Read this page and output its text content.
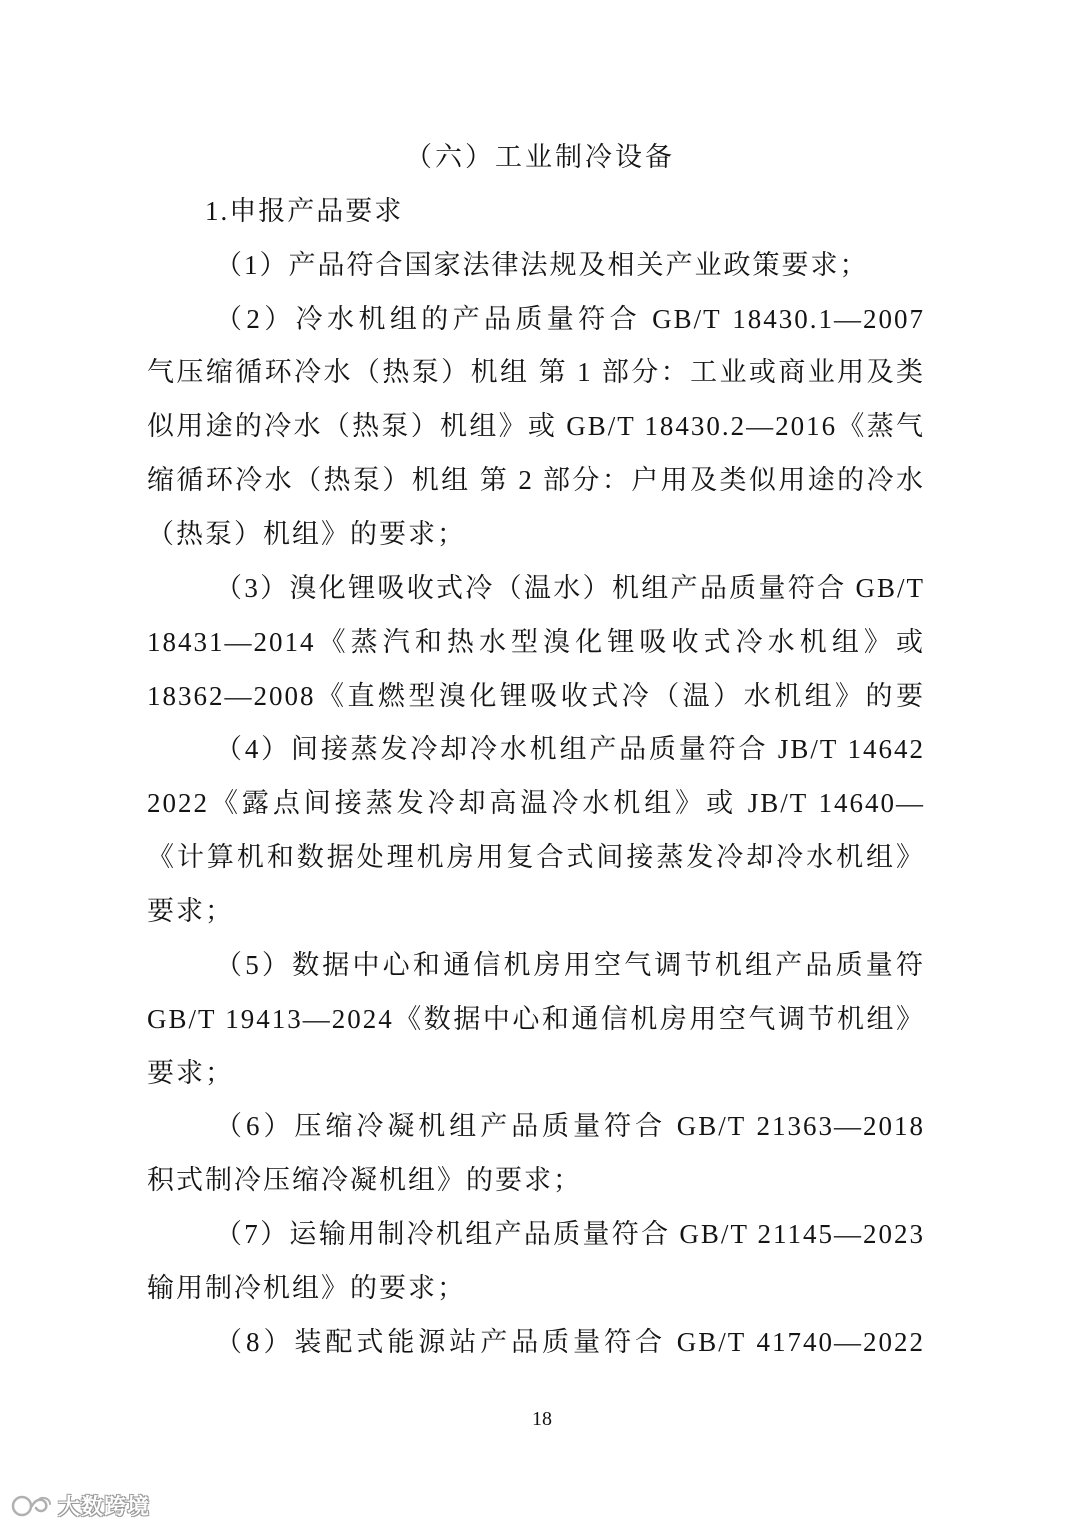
（六）工业制冷设备
1.申报产品要求
（1）产品符合国家法律法规及相关产业政策要求；
（2）冷水机组的产品质量符合 GB/T 18430.1—2007
气压缩循环冷水（热泵）机组 第 1 部分：工业或商业用及类
似用途的冷水（热泵）机组》或 GB/T 18430.2—2016《蒸气
缩循环冷水（热泵）机组 第 2 部分：户用及类似用途的冷水
（热泵）机组》的要求；
（3）溴化锂吸收式冷（温水）机组产品质量符合 GB/T
18431—2014《蒸汽和热水型溴化锂吸收式冷水机组》或
18362—2008《直燃型溴化锂吸收式冷（温）水机组》的要
（4）间接蒸发冷却冷水机组产品质量符合 JB/T 14642
2022《露点间接蒸发冷却高温冷水机组》或 JB/T 14640—
《计算机和数据处理机房用复合式间接蒸发冷却冷水机组》
要求；
（5）数据中心和通信机房用空气调节机组产品质量符
GB/T 19413—2024《数据中心和通信机房用空气调节机组》
要求；
（6）压缩冷凝机组产品质量符合 GB/T 21363—2018
积式制冷压缩冷凝机组》的要求；
（7）运输用制冷机组产品质量符合 GB/T 21145—2023
输用制冷机组》的要求；
（8）装配式能源站产品质量符合 GB/T 41740—2022
18
大数跨境
